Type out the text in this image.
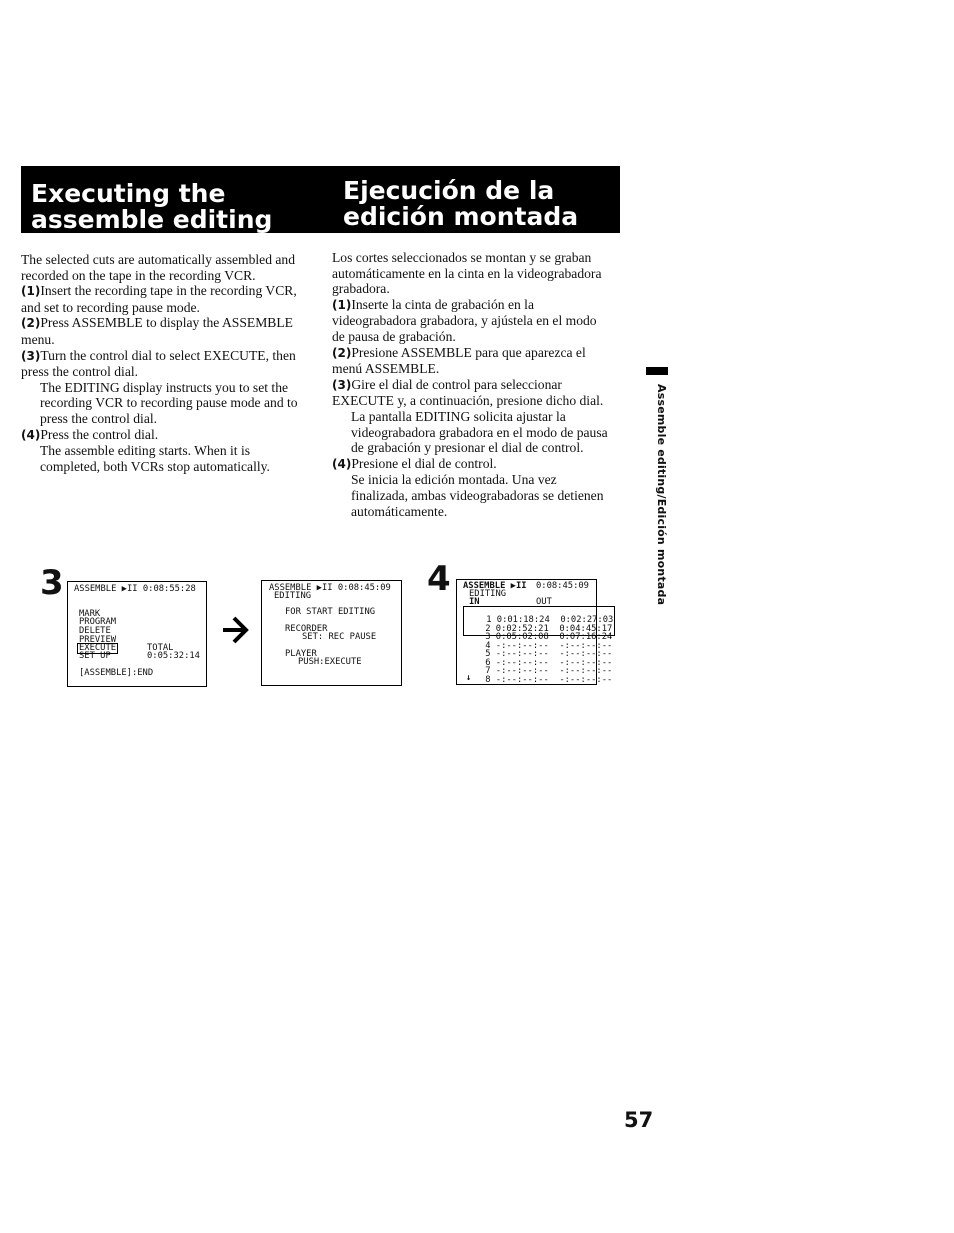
Executing the
assemble editing
Ejecución de la
edición montada

The selected cuts are automatically assembled and recorded on the tape in the recording VCR.

(1)Insert the recording tape in the recording VCR, and set to recording pause mode.
(2)Press ASSEMBLE to display the ASSEMBLE menu.
(3)Turn the control dial to select EXECUTE, then press the control dial.
The EDITING display instructs you to set the recording VCR to recording pause mode and to press the control dial.
(4)Press the control dial.
The assemble editing starts. When it is completed, both VCRs stop automatically.

Los cortes seleccionados se montan y se graban automáticamente en la cinta en la videograbadora grabadora.

(1)Inserte la cinta de grabación en la videograbadora grabadora, y ajústela en el modo de pausa de grabación.
(2)Presione ASSEMBLE para que aparezca el menú ASSEMBLE.
(3)Gire el dial de control para seleccionar EXECUTE y, a continuación, presione dicho dial.
La pantalla EDITING solicita ajustar la videograbadora grabadora en el modo de pausa de grabación y presionar el dial de control.
(4)Presione el dial de control.
Se inicia la edición montada. Una vez finalizada, ambas videograbadoras se detienen automáticamente.	Assemble editing/Edición montada
3 ASSEMBLE ▶II 0:08:55:28
MARK
PROGRAM
DELETE
PREVIEW
EXECUTE
SET UP
TOTAL
0:05:32:14
[ASSEMBLE]:END
ASSEMBLE ▶II 0:08:45:09
EDITING
FOR START EDITING
RECORDER
SET: REC PAUSE
PLAYER
PUSH:EXECUTE
4 ASSEMBLE ▶II 0:08:45:09
EDITING
IN	OUT

1 0:01:18:24 0:02:27:03

2 0:02:52:21 0:04:45:17

3 0:05:02:08 0:07:16:24

4 -:--:--:-- -:--:--:--

5 -:--:--:-- -:--:--:--

6 -:--:--:-- -:--:--:--

7 -:--:--:-- -:--:--:--

8 -:--:--:-- -:--:--:--

↓
57
